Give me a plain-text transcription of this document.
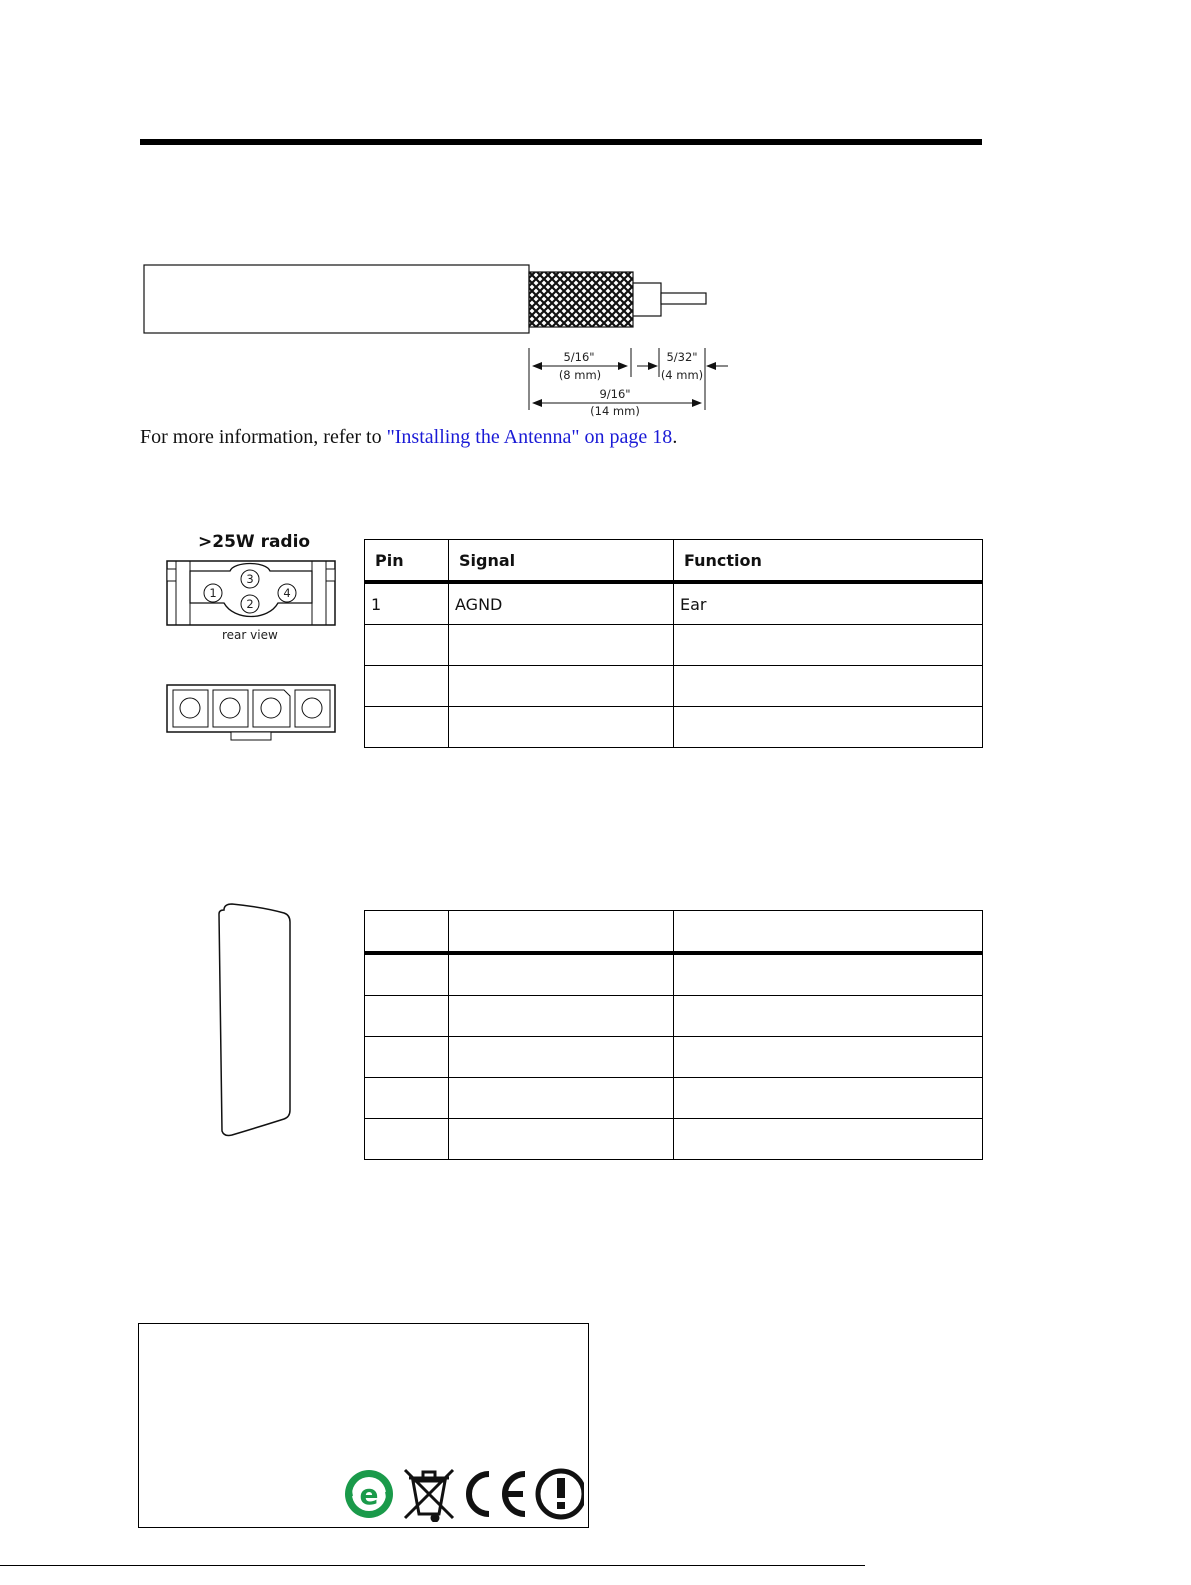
5/16"
(8 mm)
5/32"
(4 mm)
9/16"
(14 mm)
For more information, refer to "Installing the Antenna" on page 18.
>25W radio
1
2
3
4
rear view
Pin	Signal	Function
1	AGND	Ear

e
